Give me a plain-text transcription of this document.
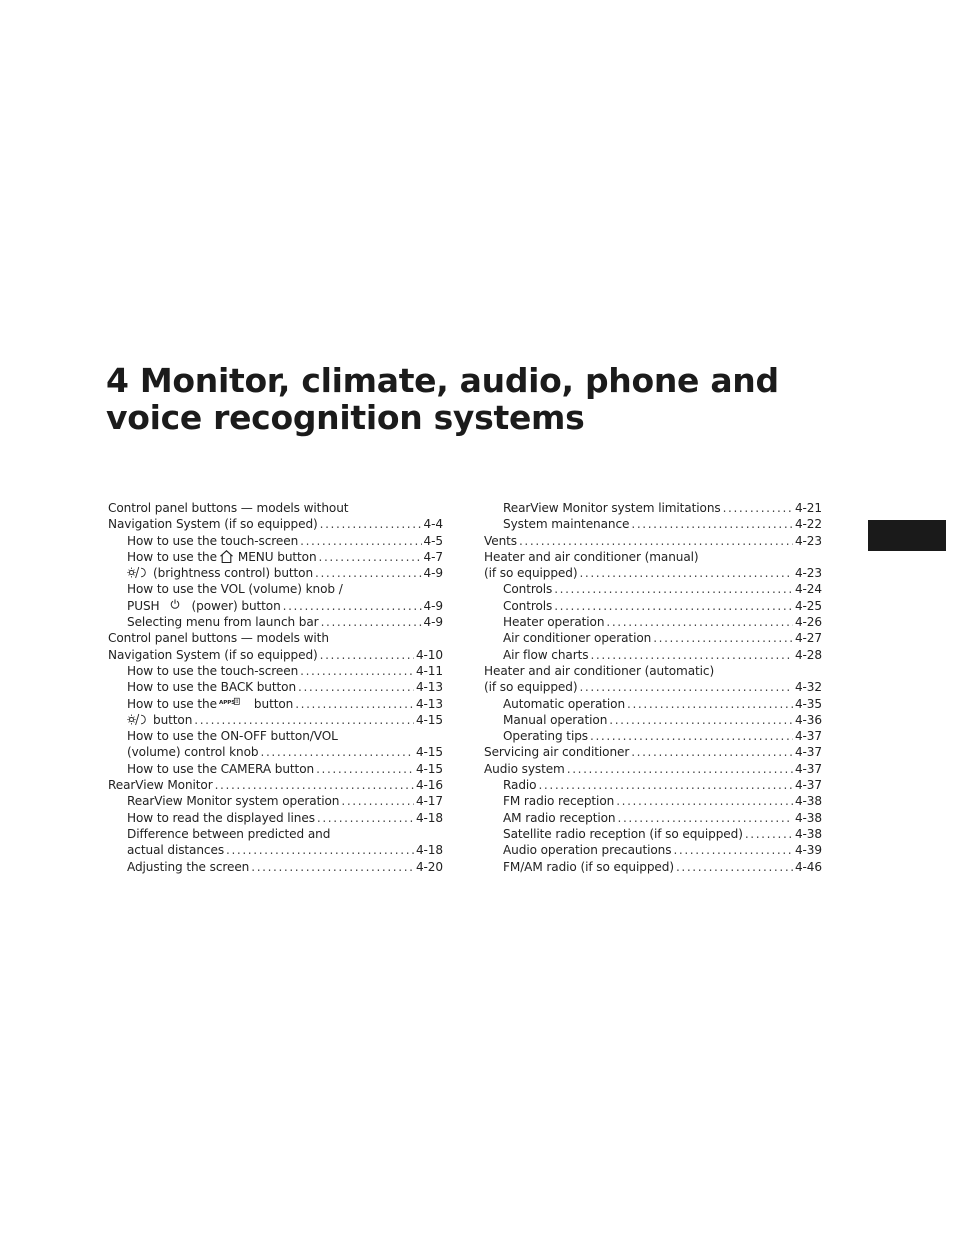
4 Monitor, climate, audio, phone and
voice recognition systems
Control panel buttons — models without
Navigation System (if so equipped) .....	4-4
How to use the touch-screen .....	4-5
How to use the MENU button .....	4-7
(brightness control) button .....	4-9
How to use the VOL (volume) knob /
PUSH	(power) button .....	4-9
Selecting menu from launch bar .....	4-9
Control panel buttons — models with
Navigation System (if so equipped) .....	4-10
How to use the touch-screen .....	4-11
How to use the BACK button .....	4-13
How to use the APPS button .....	4-13
button .....	4-15
How to use the ON-OFF button/VOL
(volume) control knob .....	4-15
How to use the CAMERA button .....	4-15
RearView Monitor .....	4-16
RearView Monitor system operation .....	4-17
How to read the displayed lines .....	4-18
Difference between predicted and
actual distances .....	4-18
Adjusting the screen .....	4-20
RearView Monitor system limitations .....	4-21
System maintenance .....	4-22
Vents .....	4-23
Heater and air conditioner (manual)
(if so equipped) .....	4-23
Controls .....	4-24
Controls .....	4-25
Heater operation .....	4-26
Air conditioner operation .....	4-27
Air flow charts .....	4-28
Heater and air conditioner (automatic)
(if so equipped) .....	4-32
Automatic operation .....	4-35
Manual operation .....	4-36
Operating tips .....	4-37
Servicing air conditioner .....	4-37
Audio system .....	4-37
Radio .....	4-37
FM radio reception .....	4-38
AM radio reception .....	4-38
Satellite radio reception (if so equipped) .....	4-38
Audio operation precautions .....	4-39
FM/AM radio (if so equipped) .....	4-46
